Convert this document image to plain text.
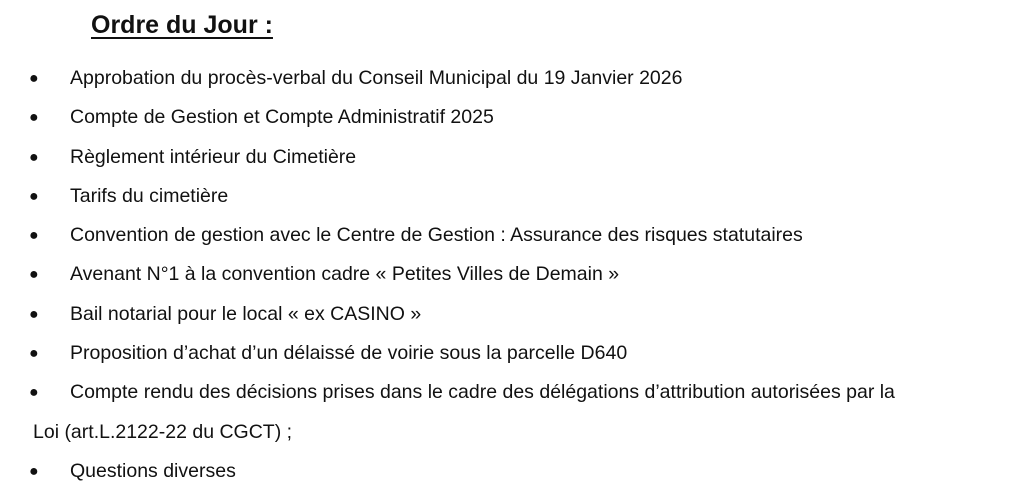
Ordre du Jour :
● Approbation du procès-verbal du Conseil Municipal du 19 Janvier 2026
● Compte de Gestion et Compte Administratif 2025
● Règlement intérieur du Cimetière
● Tarifs du cimetière
● Convention de gestion avec le Centre de Gestion : Assurance des risques statutaires
● Avenant N°1 à la convention cadre « Petites Villes de Demain »
● Bail notarial pour le local « ex CASINO »
● Proposition d’achat d’un délaissé de voirie sous la parcelle D640
●	Compte rendu des décisions prises dans le cadre des délégations d’attribution autorisées par la
Loi (art.L.2122-22 du CGCT) ;
● Questions diverses
